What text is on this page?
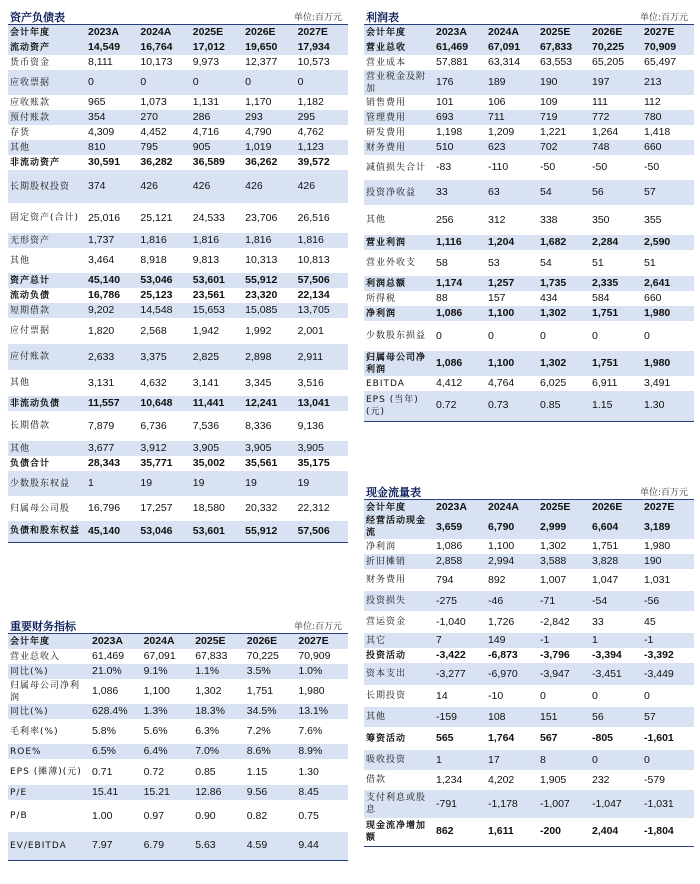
资产负债表	单位:百万元
会计年度	2023A	2024A	2025E	2026E	2027E
流动资产	14,549	16,764	17,012	19,650	17,934
货币资金	8,111	10,173	9,973	12,377	10,573
应收票据	0	0	0	0	0
应收账款	965	1,073	1,131	1,170	1,182
预付账款	354	270	286	293	295
存货	4,309	4,452	4,716	4,790	4,762
其他	810	795	905	1,019	1,123
非流动资产	30,591	36,282	36,589	36,262	39,572
长期股权投资	374	426	426	426	426
固定资产(合计)	25,016	25,121	24,533	23,706	26,516
无形资产	1,737	1,816	1,816	1,816	1,816
其他	3,464	8,918	9,813	10,313	10,813
资产总计	45,140	53,046	53,601	55,912	57,506
流动负债	16,786	25,123	23,561	23,320	22,134
短期借款	9,202	14,548	15,653	15,085	13,705
应付票据	1,820	2,568	1,942	1,992	2,001
应付账款	2,633	3,375	2,825	2,898	2,911
其他	3,131	4,632	3,141	3,345	3,516
非流动负债	11,557	10,648	11,441	12,241	13,041
长期借款	7,879	6,736	7,536	8,336	9,136
其他	3,677	3,912	3,905	3,905	3,905
负债合计	28,343	35,771	35,002	35,561	35,175
少数股东权益	1	19	19	19	19
归属母公司股	16,796	17,257	18,580	20,332	22,312
负债和股东权益	45,140	53,046	53,601	55,912	57,506
利润表	单位:百万元
会计年度	2023A	2024A	2025E	2026E	2027E
营业总收	61,469	67,091	67,833	70,225	70,909
营业成本	57,881	63,314	63,553	65,205	65,497
营业税金及附加	176	189	190	197	213
销售费用	101	106	109	111	112
管理费用	693	711	719	772	780
研发费用	1,198	1,209	1,221	1,264	1,418
财务费用	510	623	702	748	660
减值损失合计	-83	-110	-50	-50	-50
投资净收益	33	63	54	56	57
其他	256	312	338	350	355
营业利润	1,116	1,204	1,682	2,284	2,590
营业外收支	58	53	54	51	51
利润总额	1,174	1,257	1,735	2,335	2,641
所得税	88	157	434	584	660
净利润	1,086	1,100	1,302	1,751	1,980
少数股东损益	0	0	0	0	0
归属母公司净利润	1,086	1,100	1,302	1,751	1,980
EBITDA	4,412	4,764	6,025	6,911	3,491
EPS (当年)(元)	0.72	0.73	0.85	1.15	1.30
重要财务指标	单位:百万元
会计年度	2023A	2024A	2025E	2026E	2027E
营业总收入	61,469	67,091	67,833	70,225	70,909
同比(%)	21.0%	9.1%	1.1%	3.5%	1.0%
归属母公司净利润	1,086	1,100	1,302	1,751	1,980
同比(%)	628.4%	1.3%	18.3%	34.5%	13.1%
毛利率(%)	5.8%	5.6%	6.3%	7.2%	7.6%
ROE%	6.5%	6.4%	7.0%	8.6%	8.9%
EPS (摊薄)(元)	0.71	0.72	0.85	1.15	1.30
P/E	15.41	15.21	12.86	9.56	8.45
P/B	1.00	0.97	0.90	0.82	0.75
EV/EBITDA	7.97	6.79	5.63	4.59	9.44
现金流量表	单位:百万元
会计年度	2023A	2024A	2025E	2026E	2027E
经营活动现金流	3,659	6,790	2,999	6,604	3,189
净利润	1,086	1,100	1,302	1,751	1,980
折旧摊销	2,858	2,994	3,588	3,828	190
财务费用	794	892	1,007	1,047	1,031
投资损失	-275	-46	-71	-54	-56
营运资金	-1,040	1,726	-2,842	33	45
其它	7	149	-1	1	-1
投资活动	-3,422	-6,873	-3,796	-3,394	-3,392
资本支出	-3,277	-6,970	-3,947	-3,451	-3,449
长期投资	14	-10	0	0	0
其他	-159	108	151	56	57
筹资活动	565	1,764	567	-805	-1,601
吸收投资	1	17	8	0	0
借款	1,234	4,202	1,905	232	-579
支付利息或股息	-791	-1,178	-1,007	-1,047	-1,031
现金流净增加额	862	1,611	-200	2,404	-1,804
